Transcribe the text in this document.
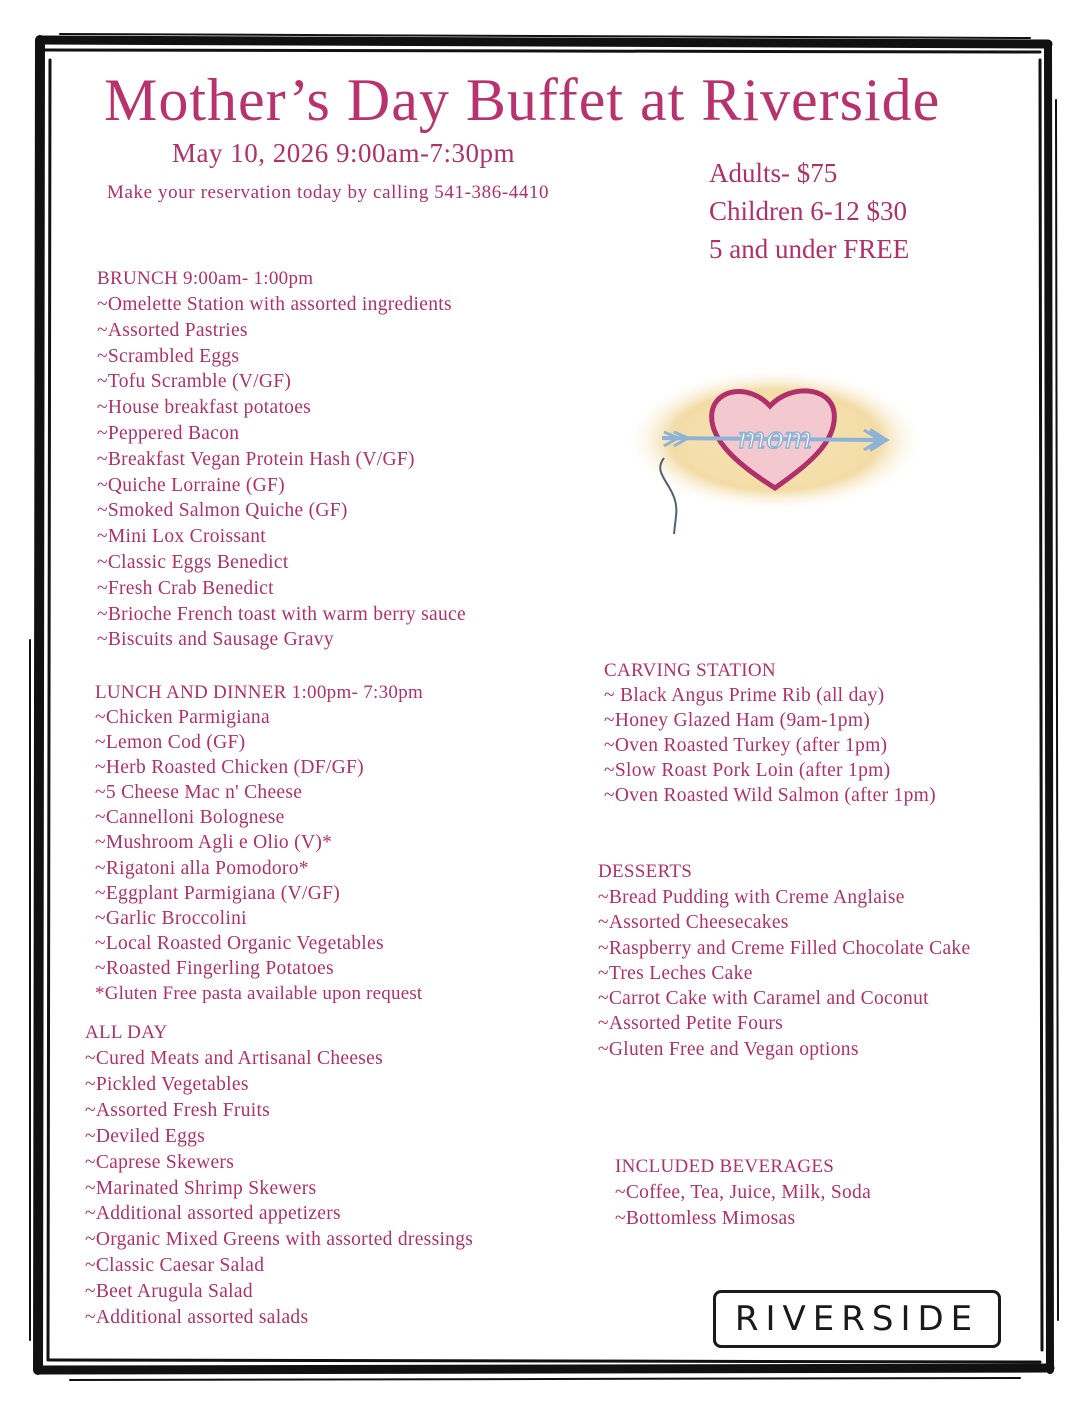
Mother’s Day Buffet at Riverside
May 10, 2026 9:00am-7:30pm
Make your reservation today by calling 541-386-4410
Adults- $75
Children 6-12 $30
5 and under FREE
BRUNCH 9:00am- 1:00pm
~Omelette Station with assorted ingredients
~Assorted Pastries
~Scrambled Eggs
~Tofu Scramble (V/GF)
~House breakfast potatoes
~Peppered Bacon
~Breakfast Vegan Protein Hash (V/GF)
~Quiche Lorraine (GF)
~Smoked Salmon Quiche (GF)
~Mini Lox Croissant
~Classic Eggs Benedict
~Fresh Crab Benedict
~Brioche French toast with warm berry sauce
~Biscuits and Sausage Gravy
LUNCH AND DINNER 1:00pm- 7:30pm
~Chicken Parmigiana
~Lemon Cod (GF)
~Herb Roasted Chicken (DF/GF)
~5 Cheese Mac n' Cheese
~Cannelloni Bolognese
~Mushroom Agli e Olio (V)*
~Rigatoni alla Pomodoro*
~Eggplant Parmigiana (V/GF)
~Garlic Broccolini
~Local Roasted Organic Vegetables
~Roasted Fingerling Potatoes
*Gluten Free pasta available upon request
ALL DAY
~Cured Meats and Artisanal Cheeses
~Pickled Vegetables
~Assorted Fresh Fruits
~Deviled Eggs
~Caprese Skewers
~Marinated Shrimp Skewers
~Additional assorted appetizers
~Organic Mixed Greens with assorted dressings
~Classic Caesar Salad
~Beet Arugula Salad
~Additional assorted salads
mom
CARVING STATION
~ Black Angus Prime Rib (all day)
~Honey Glazed Ham (9am-1pm)
~Oven Roasted Turkey (after 1pm)
~Slow Roast Pork Loin (after 1pm)
~Oven Roasted Wild Salmon (after 1pm)
DESSERTS
~Bread Pudding with Creme Anglaise
~Assorted Cheesecakes
~Raspberry and Creme Filled Chocolate Cake
~Tres Leches Cake
~Carrot Cake with Caramel and Coconut
~Assorted Petite Fours
~Gluten Free and Vegan options
INCLUDED BEVERAGES
~Coffee, Tea, Juice, Milk, Soda
~Bottomless Mimosas
RIVERSIDE
